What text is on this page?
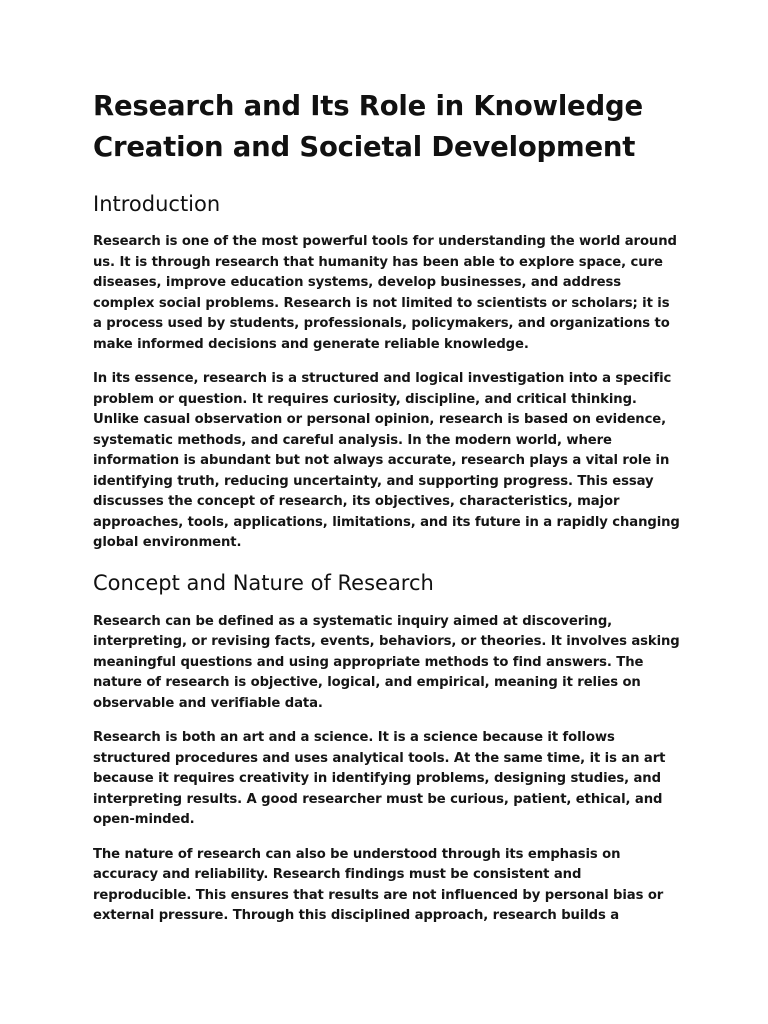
Research and Its Role in Knowledge Creation and Societal Development
Introduction

Research is one of the most powerful tools for understanding the world around us. It is through research that humanity has been able to explore space, cure diseases, improve education systems, develop businesses, and address complex social problems. Research is not limited to scientists or scholars; it is a process used by students, professionals, policymakers, and organizations to make informed decisions and generate reliable knowledge.

In its essence, research is a structured and logical investigation into a specific problem or question. It requires curiosity, discipline, and critical thinking. Unlike casual observation or personal opinion, research is based on evidence, systematic methods, and careful analysis. In the modern world, where information is abundant but not always accurate, research plays a vital role in identifying truth, reducing uncertainty, and supporting progress. This essay discusses the concept of research, its objectives, characteristics, major approaches, tools, applications, limitations, and its future in a rapidly changing global environment.

Concept and Nature of Research

Research can be defined as a systematic inquiry aimed at discovering, interpreting, or revising facts, events, behaviors, or theories. It involves asking meaningful questions and using appropriate methods to find answers. The nature of research is objective, logical, and empirical, meaning it relies on observable and verifiable data.

Research is both an art and a science. It is a science because it follows structured procedures and uses analytical tools. At the same time, it is an art because it requires creativity in identifying problems, designing studies, and interpreting results. A good researcher must be curious, patient, ethical, and open-minded.

The nature of research can also be understood through its emphasis on accuracy and reliability. Research findings must be consistent and reproducible. This ensures that results are not influenced by personal bias or external pressure. Through this disciplined approach, research builds a
